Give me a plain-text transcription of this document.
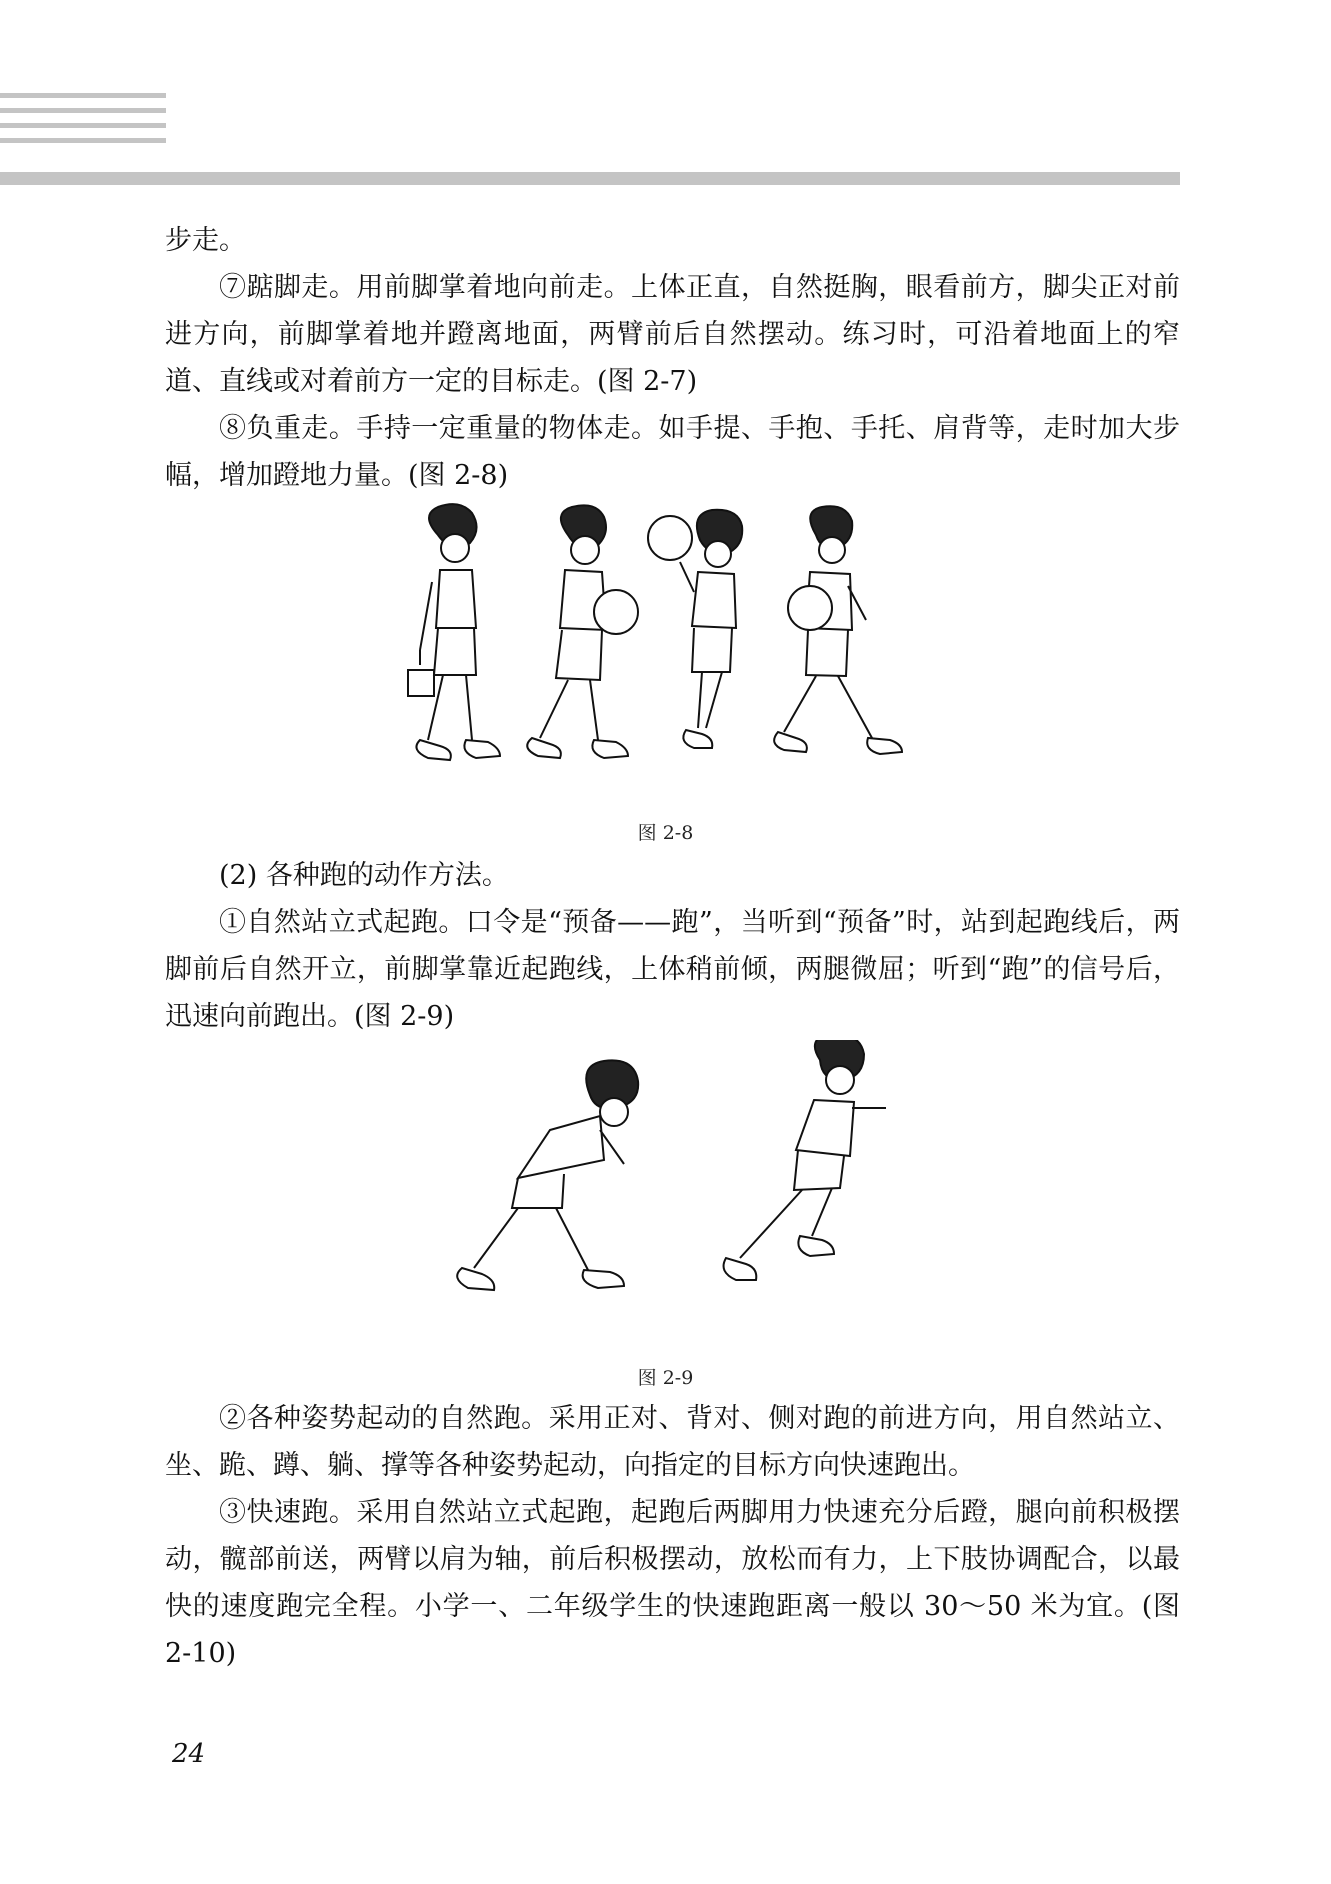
步走。

⑦踮脚走。用前脚掌着地向前走。上体正直，自然挺胸，眼看前方，脚尖正对前进方向，前脚掌着地并蹬离地面，两臂前后自然摆动。练习时，可沿着地面上的窄道、直线或对着前方一定的目标走。(图 2-7)

⑧负重走。手持一定重量的物体走。如手提、手抱、手托、肩背等，走时加大步幅，增加蹬地力量。(图 2-8)

图 2-8

(2) 各种跑的动作方法。

①自然站立式起跑。口令是“预备——跑”，当听到“预备”时，站到起跑线后，两脚前后自然开立，前脚掌靠近起跑线，上体稍前倾，两腿微屈；听到“跑”的信号后，迅速向前跑出。(图 2-9)

图 2-9

②各种姿势起动的自然跑。采用正对、背对、侧对跑的前进方向，用自然站立、坐、跪、蹲、躺、撑等各种姿势起动，向指定的目标方向快速跑出。

③快速跑。采用自然站立式起跑，起跑后两脚用力快速充分后蹬，腿向前积极摆动，髋部前送，两臂以肩为轴，前后积极摆动，放松而有力，上下肢协调配合，以最快的速度跑完全程。小学一、二年级学生的快速跑距离一般以 30～50 米为宜。(图 2-10)

24
